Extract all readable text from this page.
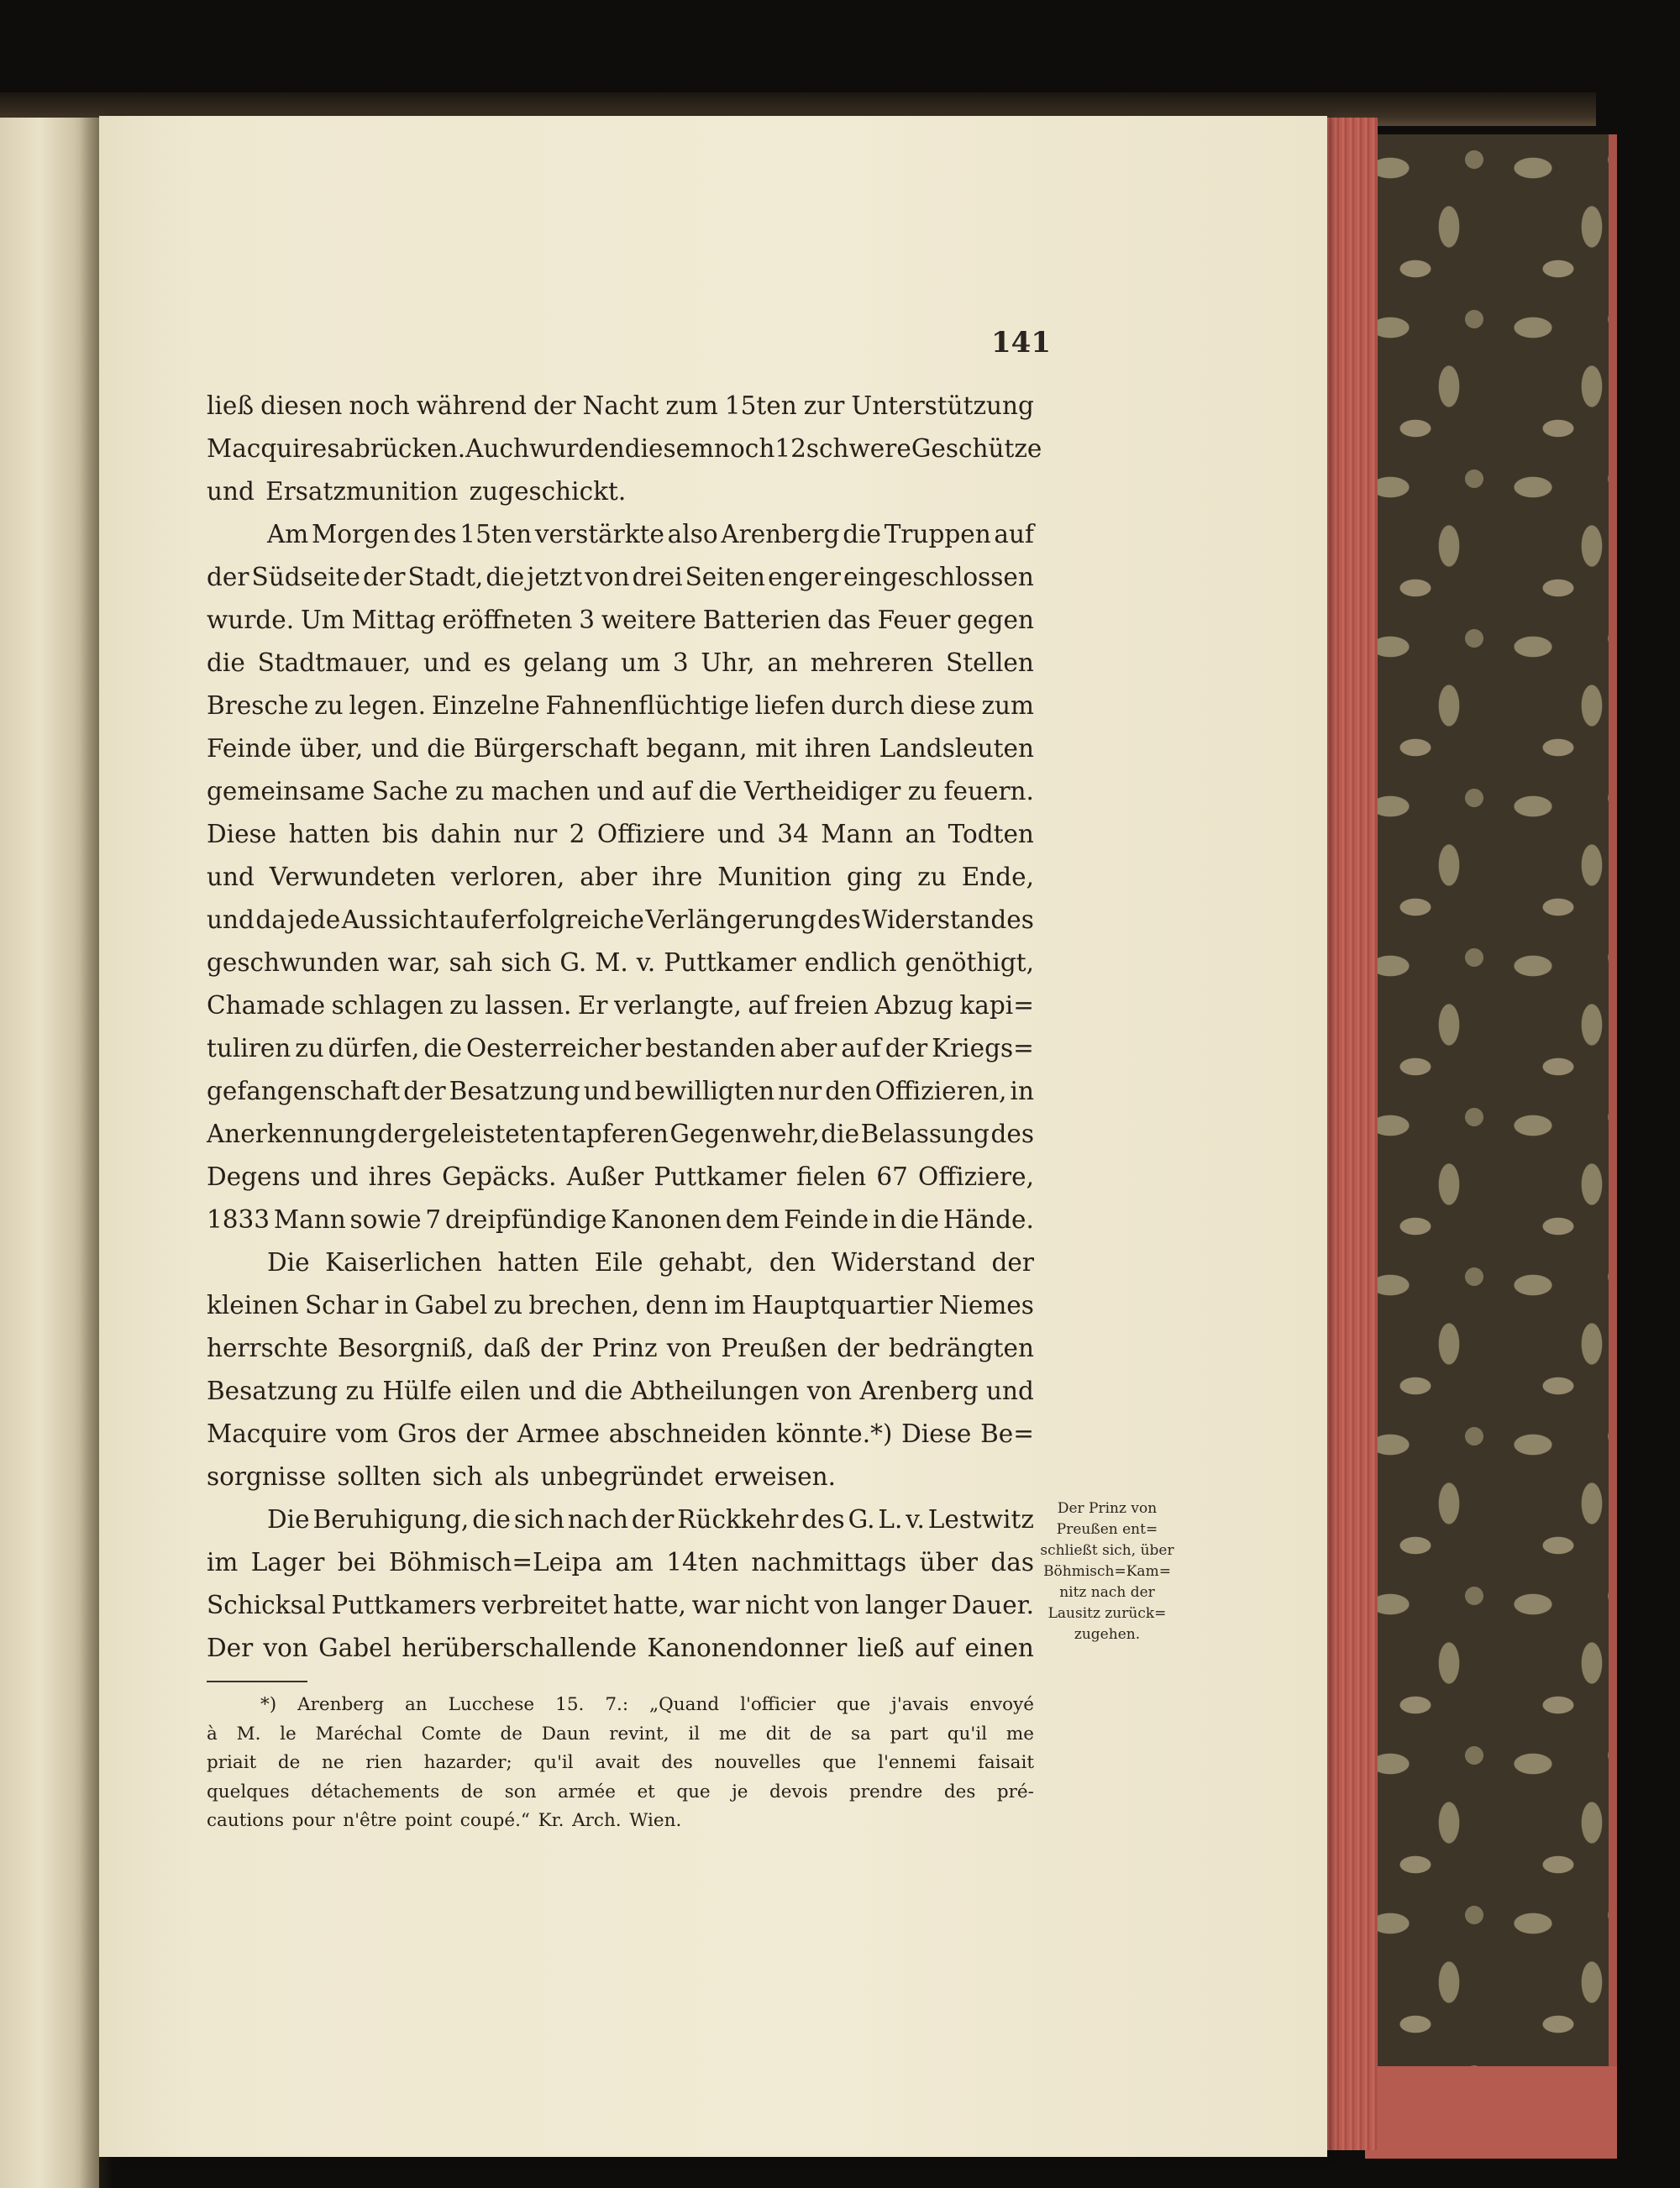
141
ließ diesen noch während der Nacht zum 15ten zur Unterstützung
Macquires abrücken. Auch wurden diesem noch 12 schwere Geschütze
und Ersatzmunition zugeschickt.
Am Morgen des 15ten verstärkte also Arenberg die Truppen auf
der Südseite der Stadt, die jetzt von drei Seiten enger eingeschlossen
wurde. Um Mittag eröffneten 3 weitere Batterien das Feuer gegen
die Stadtmauer, und es gelang um 3 Uhr, an mehreren Stellen
Bresche zu legen. Einzelne Fahnenflüchtige liefen durch diese zum
Feinde über, und die Bürgerschaft begann, mit ihren Landsleuten
gemeinsame Sache zu machen und auf die Vertheidiger zu feuern.
Diese hatten bis dahin nur 2 Offiziere und 34 Mann an Todten
und Verwundeten verloren, aber ihre Munition ging zu Ende,
und da jede Aussicht auf erfolgreiche Verlängerung des Widerstandes
geschwunden war, sah sich G. M. v. Puttkamer endlich genöthigt,
Chamade schlagen zu lassen. Er verlangte, auf freien Abzug kapi=
tuliren zu dürfen, die Oesterreicher bestanden aber auf der Kriegs=
gefangenschaft der Besatzung und bewilligten nur den Offizieren, in
Anerkennung der geleisteten tapferen Gegenwehr, die Belassung des
Degens und ihres Gepäcks. Außer Puttkamer fielen 67 Offiziere,
1833 Mann sowie 7 dreipfündige Kanonen dem Feinde in die Hände.
Die Kaiserlichen hatten Eile gehabt, den Widerstand der
kleinen Schar in Gabel zu brechen, denn im Hauptquartier Niemes
herrschte Besorgniß, daß der Prinz von Preußen der bedrängten
Besatzung zu Hülfe eilen und die Abtheilungen von Arenberg und
Macquire vom Gros der Armee abschneiden könnte.*) Diese Be=
sorgnisse sollten sich als unbegründet erweisen.
Die Beruhigung, die sich nach der Rückkehr des G. L. v. Lestwitz
im Lager bei Böhmisch=Leipa am 14ten nachmittags über das
Schicksal Puttkamers verbreitet hatte, war nicht von langer Dauer.
Der von Gabel herüberschallende Kanonendonner ließ auf einen
*) Arenberg an Lucchese 15. 7.: „Quand l'officier que j'avais envoyé
à M. le Maréchal Comte de Daun revint, il me dit de sa part qu'il me
priait de ne rien hazarder; qu'il avait des nouvelles que l'ennemi faisait
quelques détachements de son armée et que je devois prendre des pré-
cautions pour n'être point coupé.“ Kr. Arch. Wien.
Der Prinz von
Preußen ent=
schließt sich, über
Böhmisch=Kam=
nitz nach der
Lausitz zurück=
zugehen.
